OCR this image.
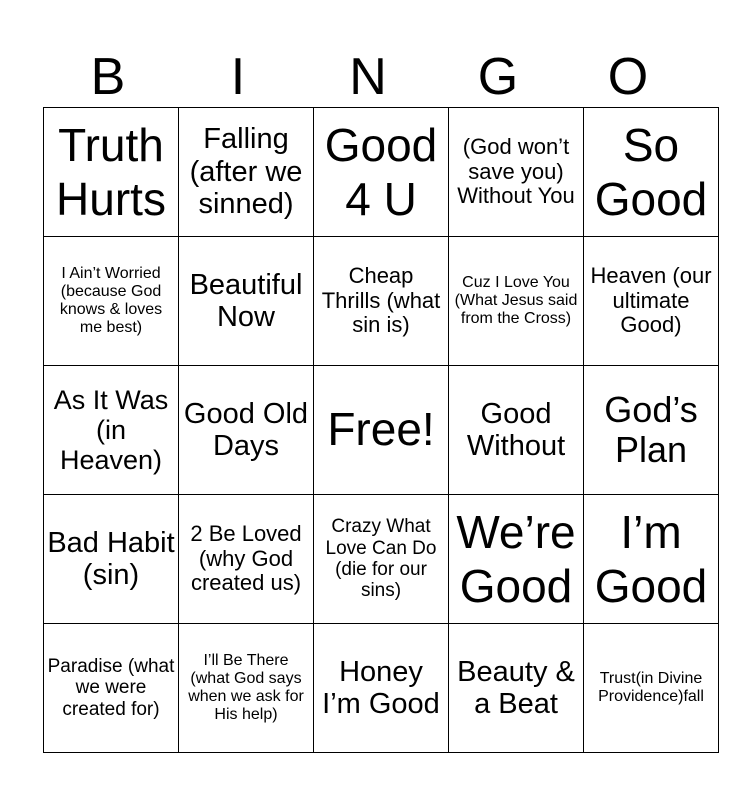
B	I	N	G	O
Truth Hurts	Falling (after we sinned)	Good 4 U	(God won’t save you) Without You	So Good
I Ain’t Worried (because God knows & loves me best)	Beautiful Now	Cheap Thrills (what sin is)	Cuz I Love You (What Jesus said from the Cross)	Heaven (our ultimate Good)
As It Was (in Heaven)	Good Old Days	Free!	Good Without	God’s Plan
Bad Habit (sin)	2 Be Loved (why God created us)	Crazy What Love Can Do (die for our sins)	We’re Good	I’m Good
Paradise (what we were created for)	I’ll Be There (what God says when we ask for His help)	Honey I’m Good	Beauty & a Beat	Trust(in Divine Providence)fall
